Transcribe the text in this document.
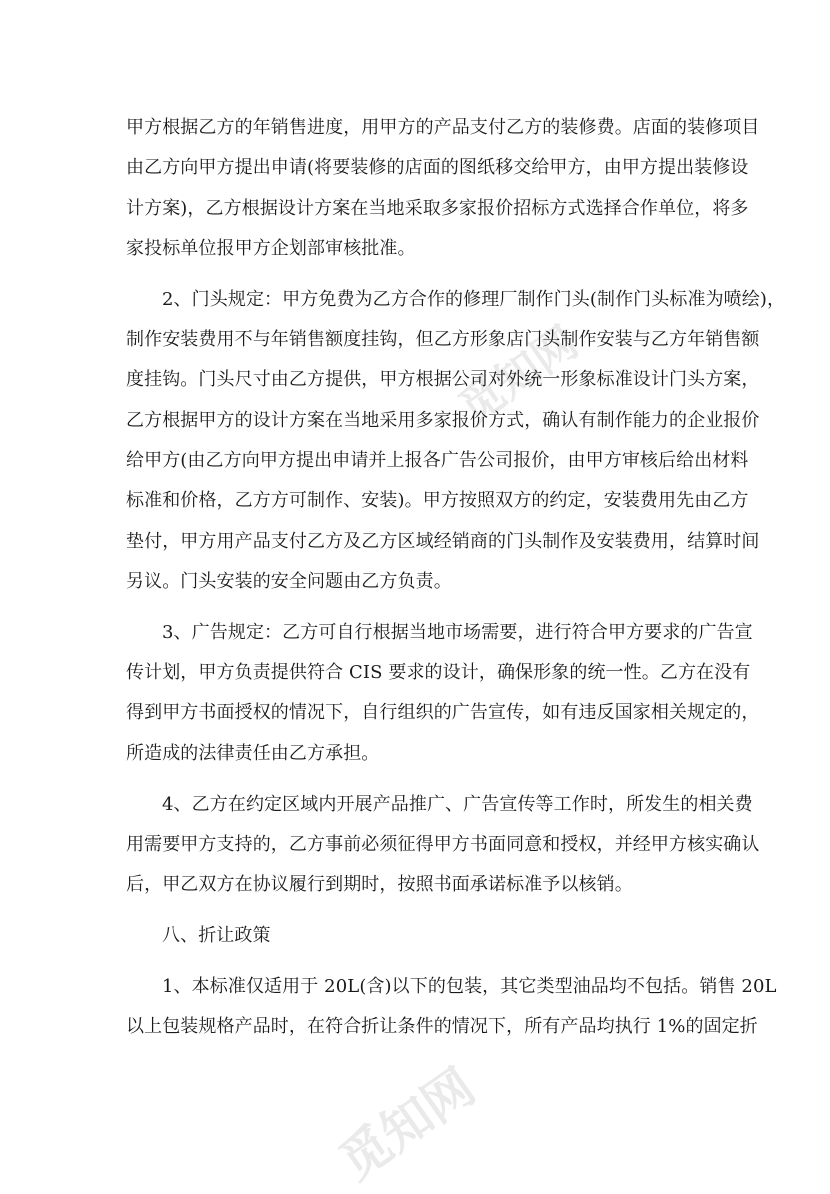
觅知网
觅知网
甲方根据乙方的年销售进度，用甲方的产品支付乙方的装修费。店面的装修项目
由乙方向甲方提出申请(将要装修的店面的图纸移交给甲方，由甲方提出装修设
计方案)，乙方根据设计方案在当地采取多家报价招标方式选择合作单位，将多
家投标单位报甲方企划部审核批准。
2、门头规定：甲方免费为乙方合作的修理厂制作门头(制作门头标准为喷绘)，
制作安装费用不与年销售额度挂钩，但乙方形象店门头制作安装与乙方年销售额
度挂钩。门头尺寸由乙方提供，甲方根据公司对外统一形象标准设计门头方案，
乙方根据甲方的设计方案在当地采用多家报价方式，确认有制作能力的企业报价
给甲方(由乙方向甲方提出申请并上报各广告公司报价，由甲方审核后给出材料
标准和价格，乙方方可制作、安装)。甲方按照双方的约定，安装费用先由乙方
垫付，甲方用产品支付乙方及乙方区域经销商的门头制作及安装费用，结算时间
另议。门头安装的安全问题由乙方负责。
3、广告规定：乙方可自行根据当地市场需要，进行符合甲方要求的广告宣
传计划，甲方负责提供符合 CIS 要求的设计，确保形象的统一性。乙方在没有
得到甲方书面授权的情况下，自行组织的广告宣传，如有违反国家相关规定的，
所造成的法律责任由乙方承担。
4、乙方在约定区域内开展产品推广、广告宣传等工作时，所发生的相关费
用需要甲方支持的，乙方事前必须征得甲方书面同意和授权，并经甲方核实确认
后，甲乙双方在协议履行到期时，按照书面承诺标准予以核销。
八、折让政策
1、本标准仅适用于 20L(含)以下的包装，其它类型油品均不包括。销售 20L
以上包装规格产品时，在符合折让条件的情况下，所有产品均执行 1%的固定折
